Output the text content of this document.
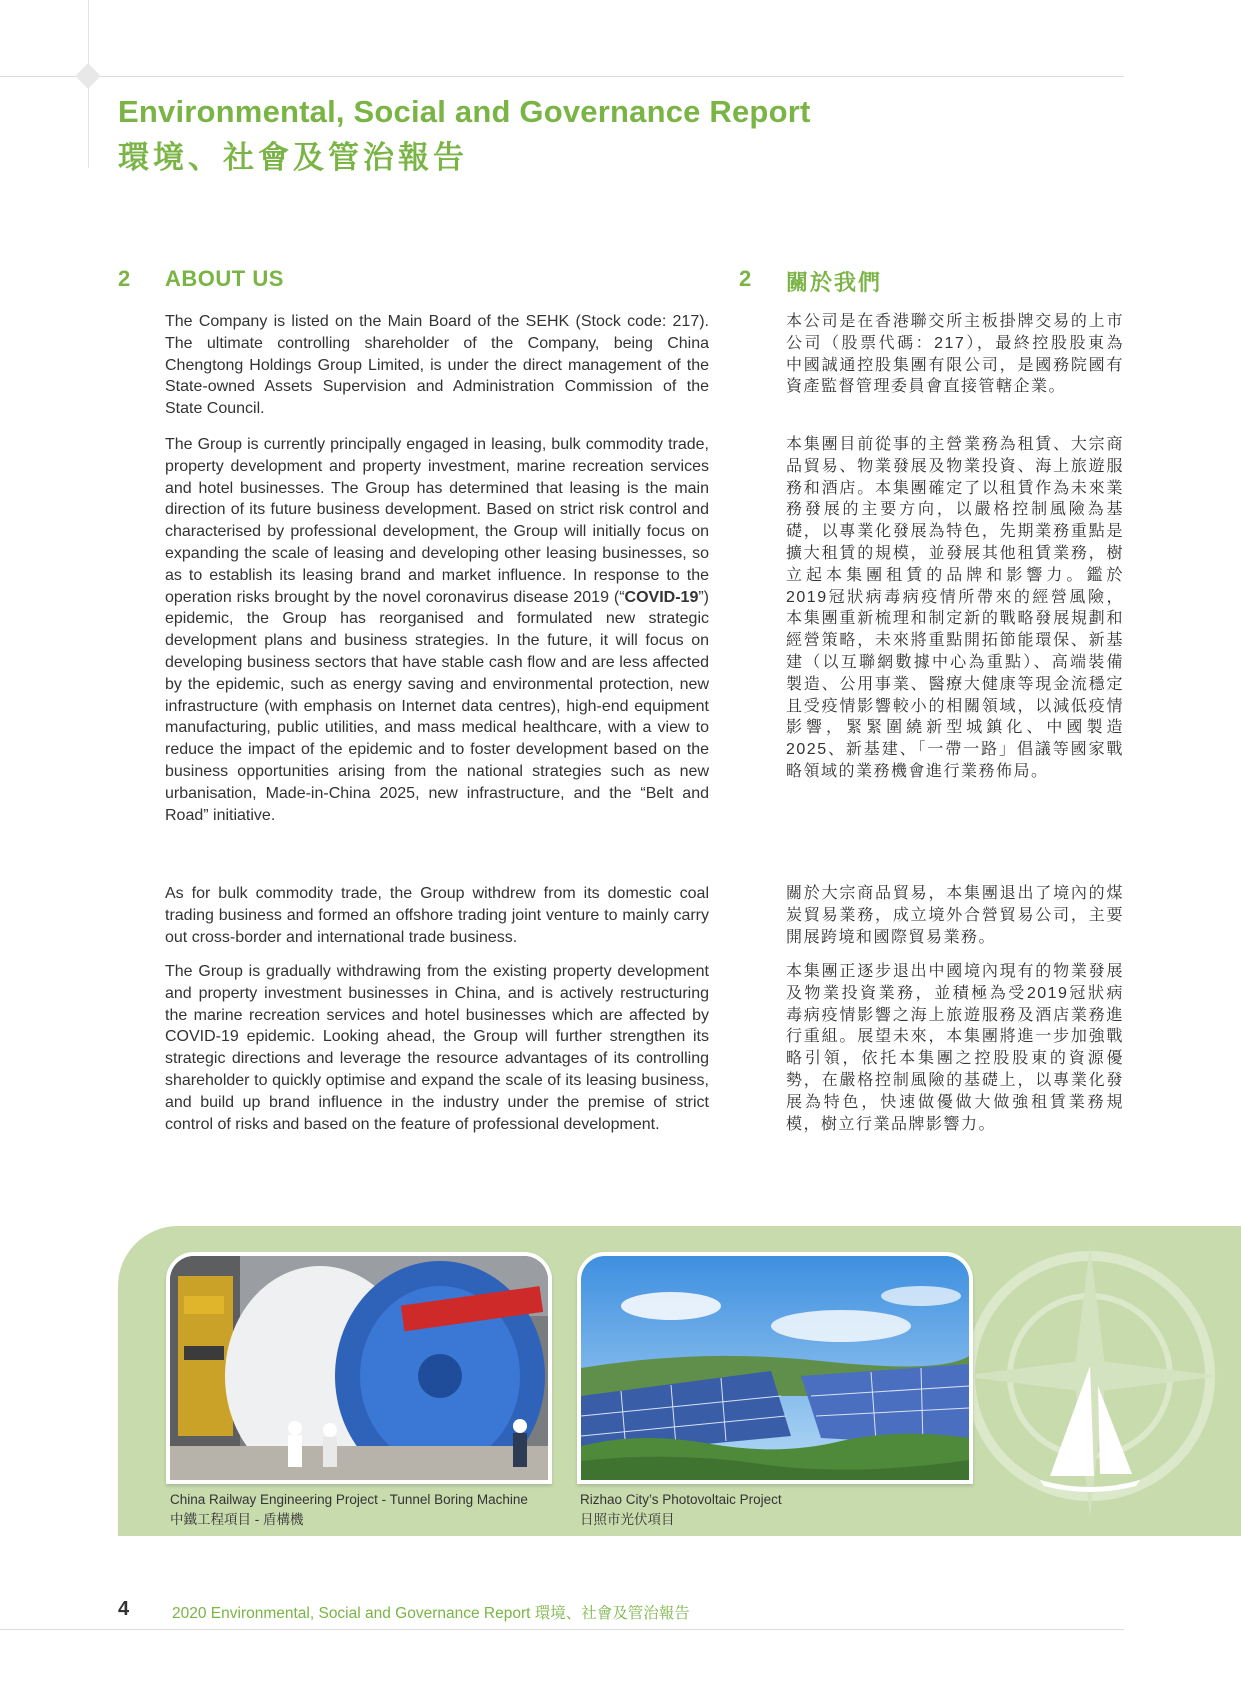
Environmental, Social and Governance Report
環境、社會及管治報告
2 ABOUT US	2 關於我們

The Company is listed on the Main Board of the SEHK (Stock code: 217). The ultimate controlling shareholder of the Company, being China Chengtong Holdings Group Limited, is under the direct management of the State-owned Assets Supervision and Administration Commission of the State Council.

The Group is currently principally engaged in leasing, bulk commodity trade, property development and property investment, marine recreation services and hotel businesses. The Group has determined that leasing is the main direction of its future business development. Based on strict risk control and characterised by professional development, the Group will initially focus on expanding the scale of leasing and developing other leasing businesses, so as to establish its leasing brand and market influence. In response to the operation risks brought by the novel coronavirus disease 2019 (“COVID-19”) epidemic, the Group has reorganised and formulated new strategic development plans and business strategies. In the future, it will focus on developing business sectors that have stable cash flow and are less affected by the epidemic, such as energy saving and environmental protection, new infrastructure (with emphasis on Internet data centres), high-end equipment manufacturing, public utilities, and mass medical healthcare, with a view to reduce the impact of the epidemic and to foster development based on the business opportunities arising from the national strategies such as new urbanisation, Made-in-China 2025, new infrastructure, and the “Belt and Road” initiative.

As for bulk commodity trade, the Group withdrew from its domestic coal trading business and formed an offshore trading joint venture to mainly carry out cross-border and international trade business.

The Group is gradually withdrawing from the existing property development and property investment businesses in China, and is actively restructuring the marine recreation services and hotel businesses which are affected by COVID-19 epidemic. Looking ahead, the Group will further strengthen its strategic directions and leverage the resource advantages of its controlling shareholder to quickly optimise and expand the scale of its leasing business, and build up brand influence in the industry under the premise of strict control of risks and based on the feature of professional development.

本公司是在香港聯交所主板掛牌交易的上市公司（股票代碼：217），最終控股股東為中國誠通控股集團有限公司，是國務院國有資產監督管理委員會直接管轄企業。

本集團目前從事的主營業務為租賃、大宗商品貿易、物業發展及物業投資、海上旅遊服務和酒店。本集團確定了以租賃作為未來業務發展的主要方向，以嚴格控制風險為基礎，以專業化發展為特色，先期業務重點是擴大租賃的規模，並發展其他租賃業務，樹立起本集團租賃的品牌和影響力。鑑於2019冠狀病毒病疫情所帶來的經營風險，本集團重新梳理和制定新的戰略發展規劃和經營策略，未來將重點開拓節能環保、新基建（以互聯網數據中心為重點）、高端裝備製造、公用事業、醫療大健康等現金流穩定且受疫情影響較小的相關領域，以減低疫情影響，緊緊圍繞新型城鎮化、中國製造2025、新基建、「一帶一路」倡議等國家戰略領域的業務機會進行業務佈局。

關於大宗商品貿易，本集團退出了境內的煤炭貿易業務，成立境外合營貿易公司，主要開展跨境和國際貿易業務。

本集團正逐步退出中國境內現有的物業發展及物業投資業務，並積極為受2019冠狀病毒病疫情影響之海上旅遊服務及酒店業務進行重組。展望未來，本集團將進一步加強戰略引領，依托本集團之控股股東的資源優勢，在嚴格控制風險的基礎上，以專業化發展為特色，快速做優做大做強租賃業務規模，樹立行業品牌影響力。

China Railway Engineering Project - Tunnel Boring Machine
中鐵工程項目 - 盾構機
Rizhao City’s Photovoltaic Project
日照市光伏項目
4	2020 Environmental, Social and Governance Report 環境、社會及管治報告
